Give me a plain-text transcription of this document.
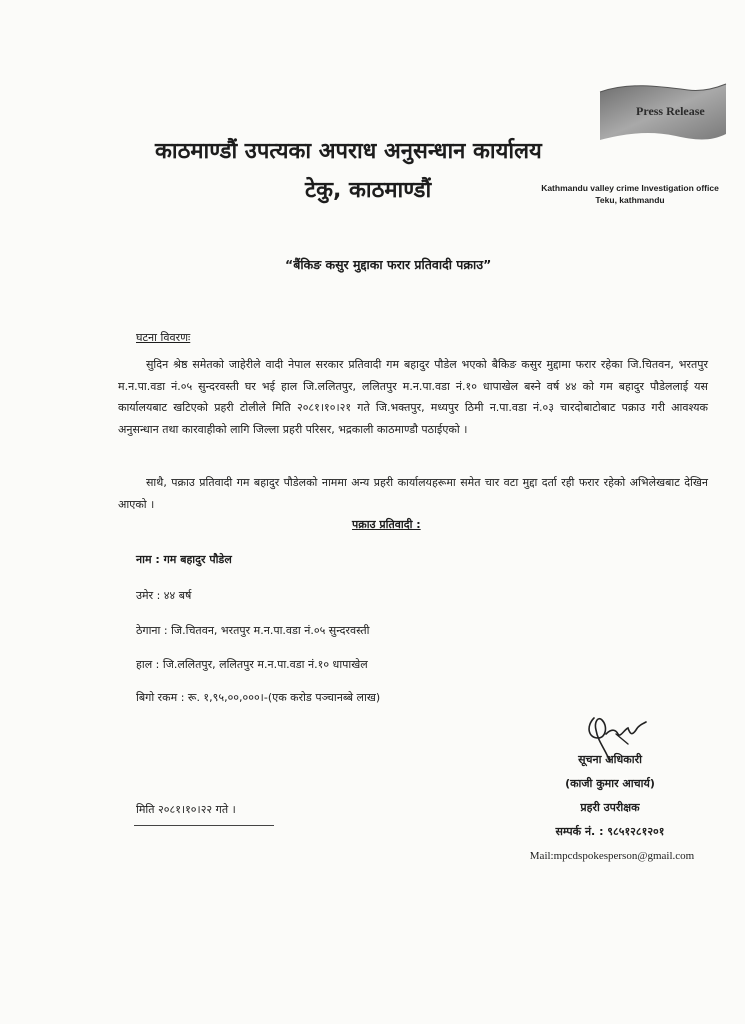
Press Release
काठमाण्डौं उपत्यका अपराध अनुसन्धान कार्यालय
टेकु, काठमाण्डौं	Kathmandu valley crime Investigation office
Teku, kathmandu
“बैंकिङ कसुर मुद्दाका फरार प्रतिवादी पक्राउ”
घटना विवरणः
सुदिन श्रेष्ठ समेतको जाहेरीले वादी नेपाल सरकार प्रतिवादी गम बहादुर पौडेल भएको बैकिङ कसुर मुद्दामा फरार रहेका जि.चितवन, भरतपुर म.न.पा.वडा नं.०५ सुन्दरवस्ती घर भई हाल जि.ललितपुर, ललितपुर म.न.पा.वडा नं.१० धापाखेल बस्ने वर्ष ४४ को गम बहादुर पौडेललाई यस कार्यालयबाट खटिएको प्रहरी टोलीले मिति २०८१।१०।२१ गते जि.भक्तपुर, मध्यपुर ठिमी न.पा.वडा नं.०३ चारदोबाटोबाट पक्राउ गरी आवश्यक अनुसन्धान तथा कारवाहीको लागि जिल्ला प्रहरी परिसर, भद्रकाली काठमाण्डौ पठाईएको ।
साथै, पक्राउ प्रतिवादी गम बहादुर पौडेलको नाममा अन्य प्रहरी कार्यालयहरूमा समेत चार वटा मुद्दा दर्ता रही फरार रहेको अभिलेखबाट देखिन आएको ।
पक्राउ प्रतिवादी :
नाम : गम बहादुर पौडेल
उमेर : ४४ बर्ष
ठेगाना : जि.चितवन, भरतपुर म.न.पा.वडा नं.०५ सुन्दरवस्ती
हाल : जि.ललितपुर, ललितपुर म.न.पा.वडा नं.१० धापाखेल
बिगो रकम : रू. १,९५,००,०००।-(एक करोड पञ्चानब्बे लाख)
सूचना अधिकारी
(काजी कुमार आचार्य)
प्रहरी उपरीक्षक
सम्पर्क नं. : ९८५१२८१२०१
Mail:mpcdspokesperson@gmail.com
मिति २०८१।१०।२२ गते ।
